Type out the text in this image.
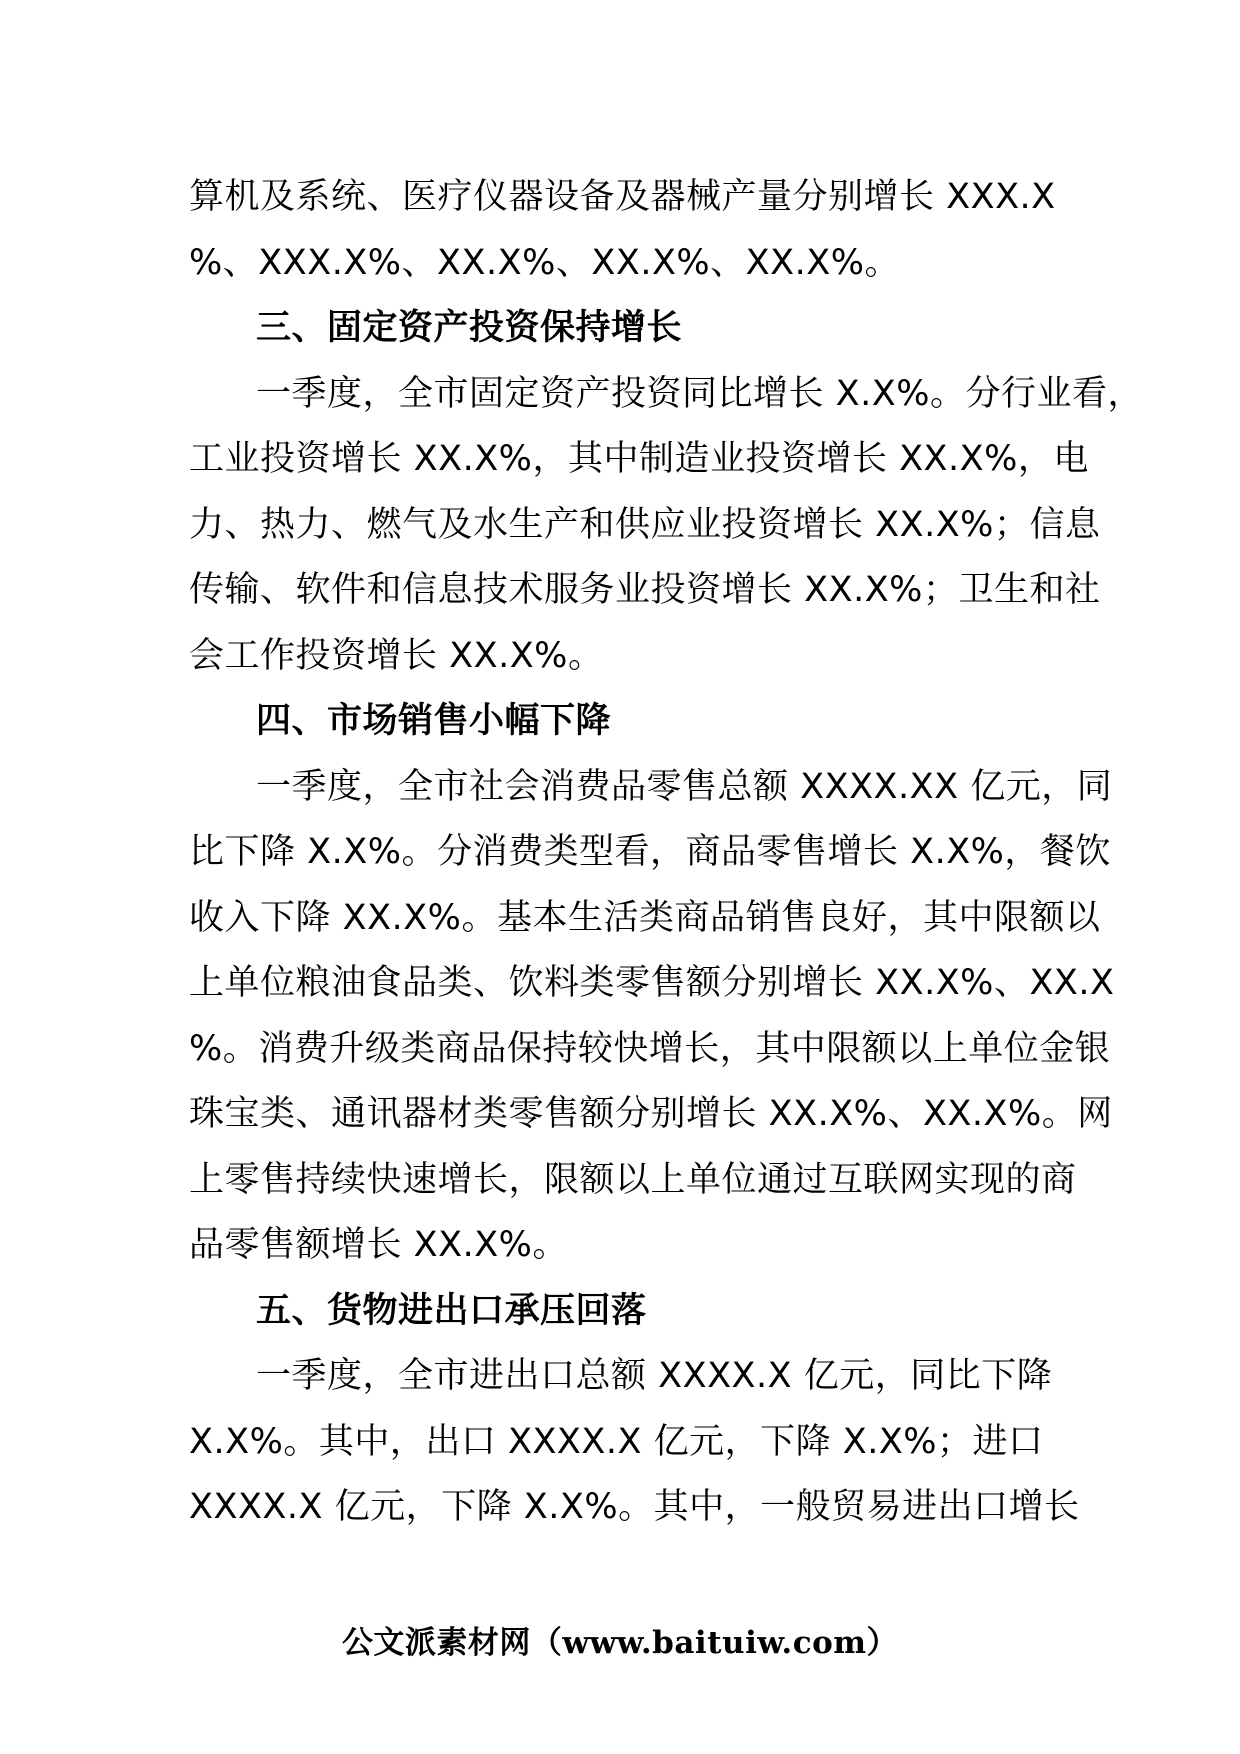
算机及系统、医疗仪器设备及器械产量分别增长 XXX.X
%、XXX.X%、XX.X%、XX.X%、XX.X%。
三、固定资产投资保持增长
一季度，全市固定资产投资同比增长 X.X%。分行业看，
工业投资增长 XX.X%，其中制造业投资增长 XX.X%，电
力、热力、燃气及水生产和供应业投资增长 XX.X%；信息
传输、软件和信息技术服务业投资增长 XX.X%；卫生和社
会工作投资增长 XX.X%。
四、市场销售小幅下降
一季度，全市社会消费品零售总额 XXXX.XX 亿元，同
比下降 X.X%。分消费类型看，商品零售增长 X.X%，餐饮
收入下降 XX.X%。基本生活类商品销售良好，其中限额以
上单位粮油食品类、饮料类零售额分别增长 XX.X%、XX.X
%。消费升级类商品保持较快增长，其中限额以上单位金银
珠宝类、通讯器材类零售额分别增长 XX.X%、XX.X%。网
上零售持续快速增长，限额以上单位通过互联网实现的商
品零售额增长 XX.X%。
五、货物进出口承压回落
一季度，全市进出口总额 XXXX.X 亿元，同比下降
X.X%。其中，出口 XXXX.X 亿元，下降 X.X%；进口
XXXX.X 亿元，下降 X.X%。其中，一般贸易进出口增长
公文派素材网（www.baituiw.com）
